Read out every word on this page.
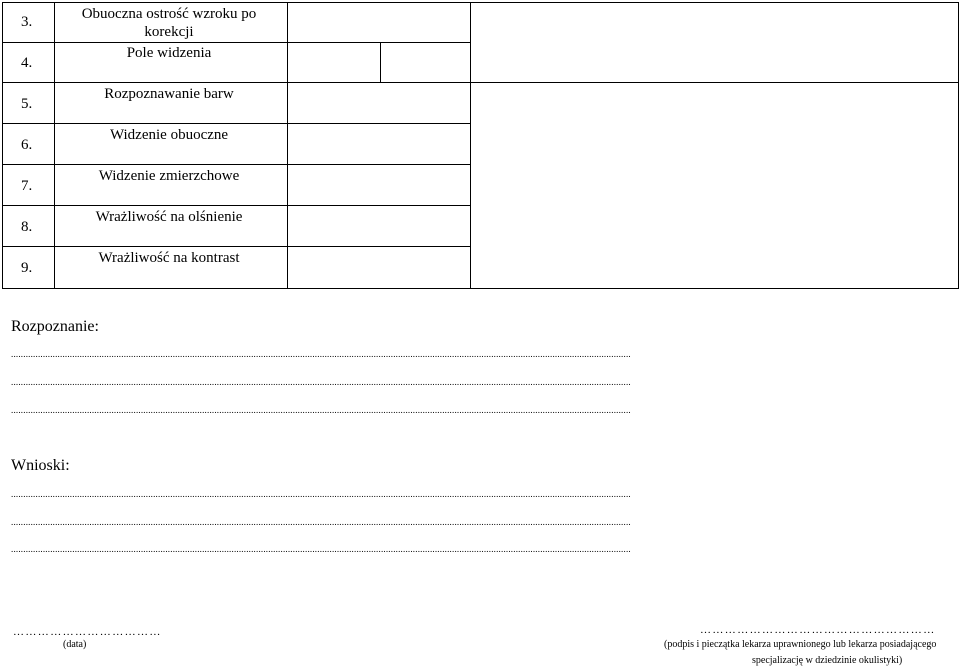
3.
4.
5.
6.
7.
8.
9.
Obuoczna ostrość wzroku po korekcji
Pole widzenia
Rozpoznawanie barw
Widzenie obuoczne
Widzenie zmierzchowe
Wrażliwość na olśnienie
Wrażliwość na kontrast
Rozpoznanie:
.............................................................................................................................................................................................................................................................
.............................................................................................................................................................................................................................................................
.............................................................................................................................................................................................................................................................
Wnioski:
.............................................................................................................................................................................................................................................................
.............................................................................................................................................................................................................................................................
.............................................................................................................................................................................................................................................................
………………………………
(data)
…………………………………………………
(podpis i pieczątka lekarza uprawnionego lub lekarza posiadającego
specjalizację w dziedzinie okulistyki)
